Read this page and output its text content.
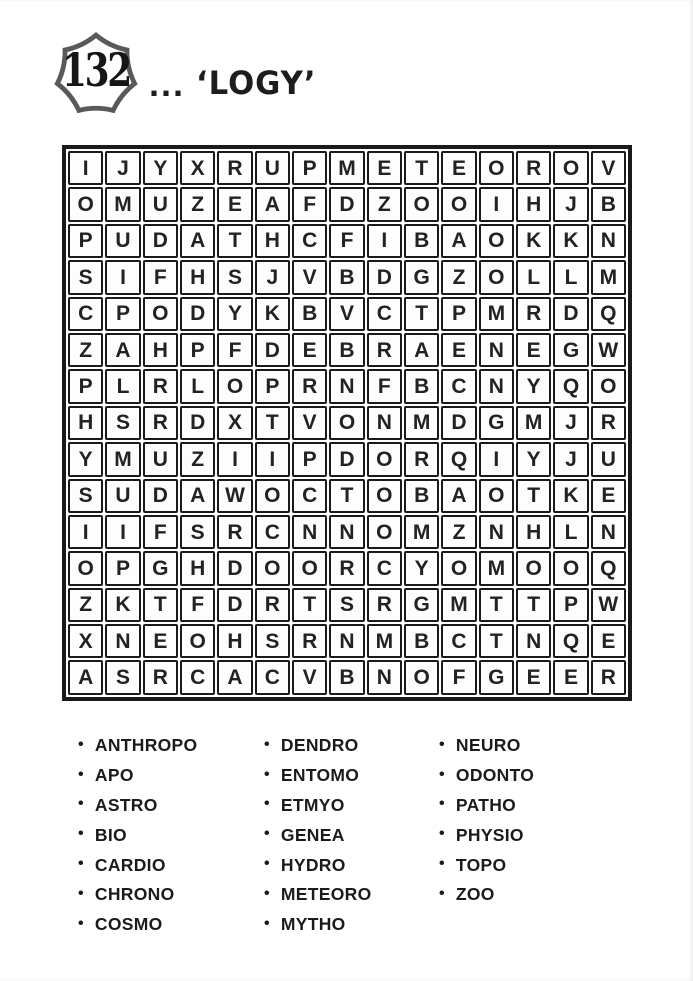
132 ... ‘LOGY’
I	J	Y	X	R	U	P	M	E	T	E	O	R	O	V
O M	U	Z	E	A	F	D	Z	O O	I	H	J	B
P	U	D	A	T	H	C	F	I	B	A	O	K	K	N
S	I	F	H	S	J	V	B	D	G	Z	O	L	L	M
C	P	O	D	Y	K	B	V	C	T	P	M	R	D	Q
Z	A	H	P	F	D	E	B	R	A	E	N	E	G W
P	L	R	L	O	P	R	N	F	B	C	N	Y	Q O
H	S	R	D	X	T	V	O	N	M	D	G M	J	R
Y	M	U	Z	I	I	P	D	O	R	Q	I	Y	J	U
S	U	D	A W O	C	T	O	B	A	O	T	K	E
I	I	F	S	R	C	N	N	O M	Z	N	H	L	N
O	P	G	H	D	O	O	R	C	Y	O M O O Q
Z	K	T	F	D	R	T	S	R	G M	T	T	P W
X	N	E	O	H	S	R	N M	B	C	T	N	Q	E
A	S	R	C	A	C	V	B	N	O	F	G	E	E	R
• ANTHROPO
• APO
• ASTRO
• BIO
• CARDIO
• CHRONO
• COSMO
• DENDRO
• ENTOMO
• ETMYO
• GENEA
• HYDRO
• METEORO
• MYTHO
• NEURO
• ODONTO
• PATHO
• PHYSIO
• TOPO
• ZOO
